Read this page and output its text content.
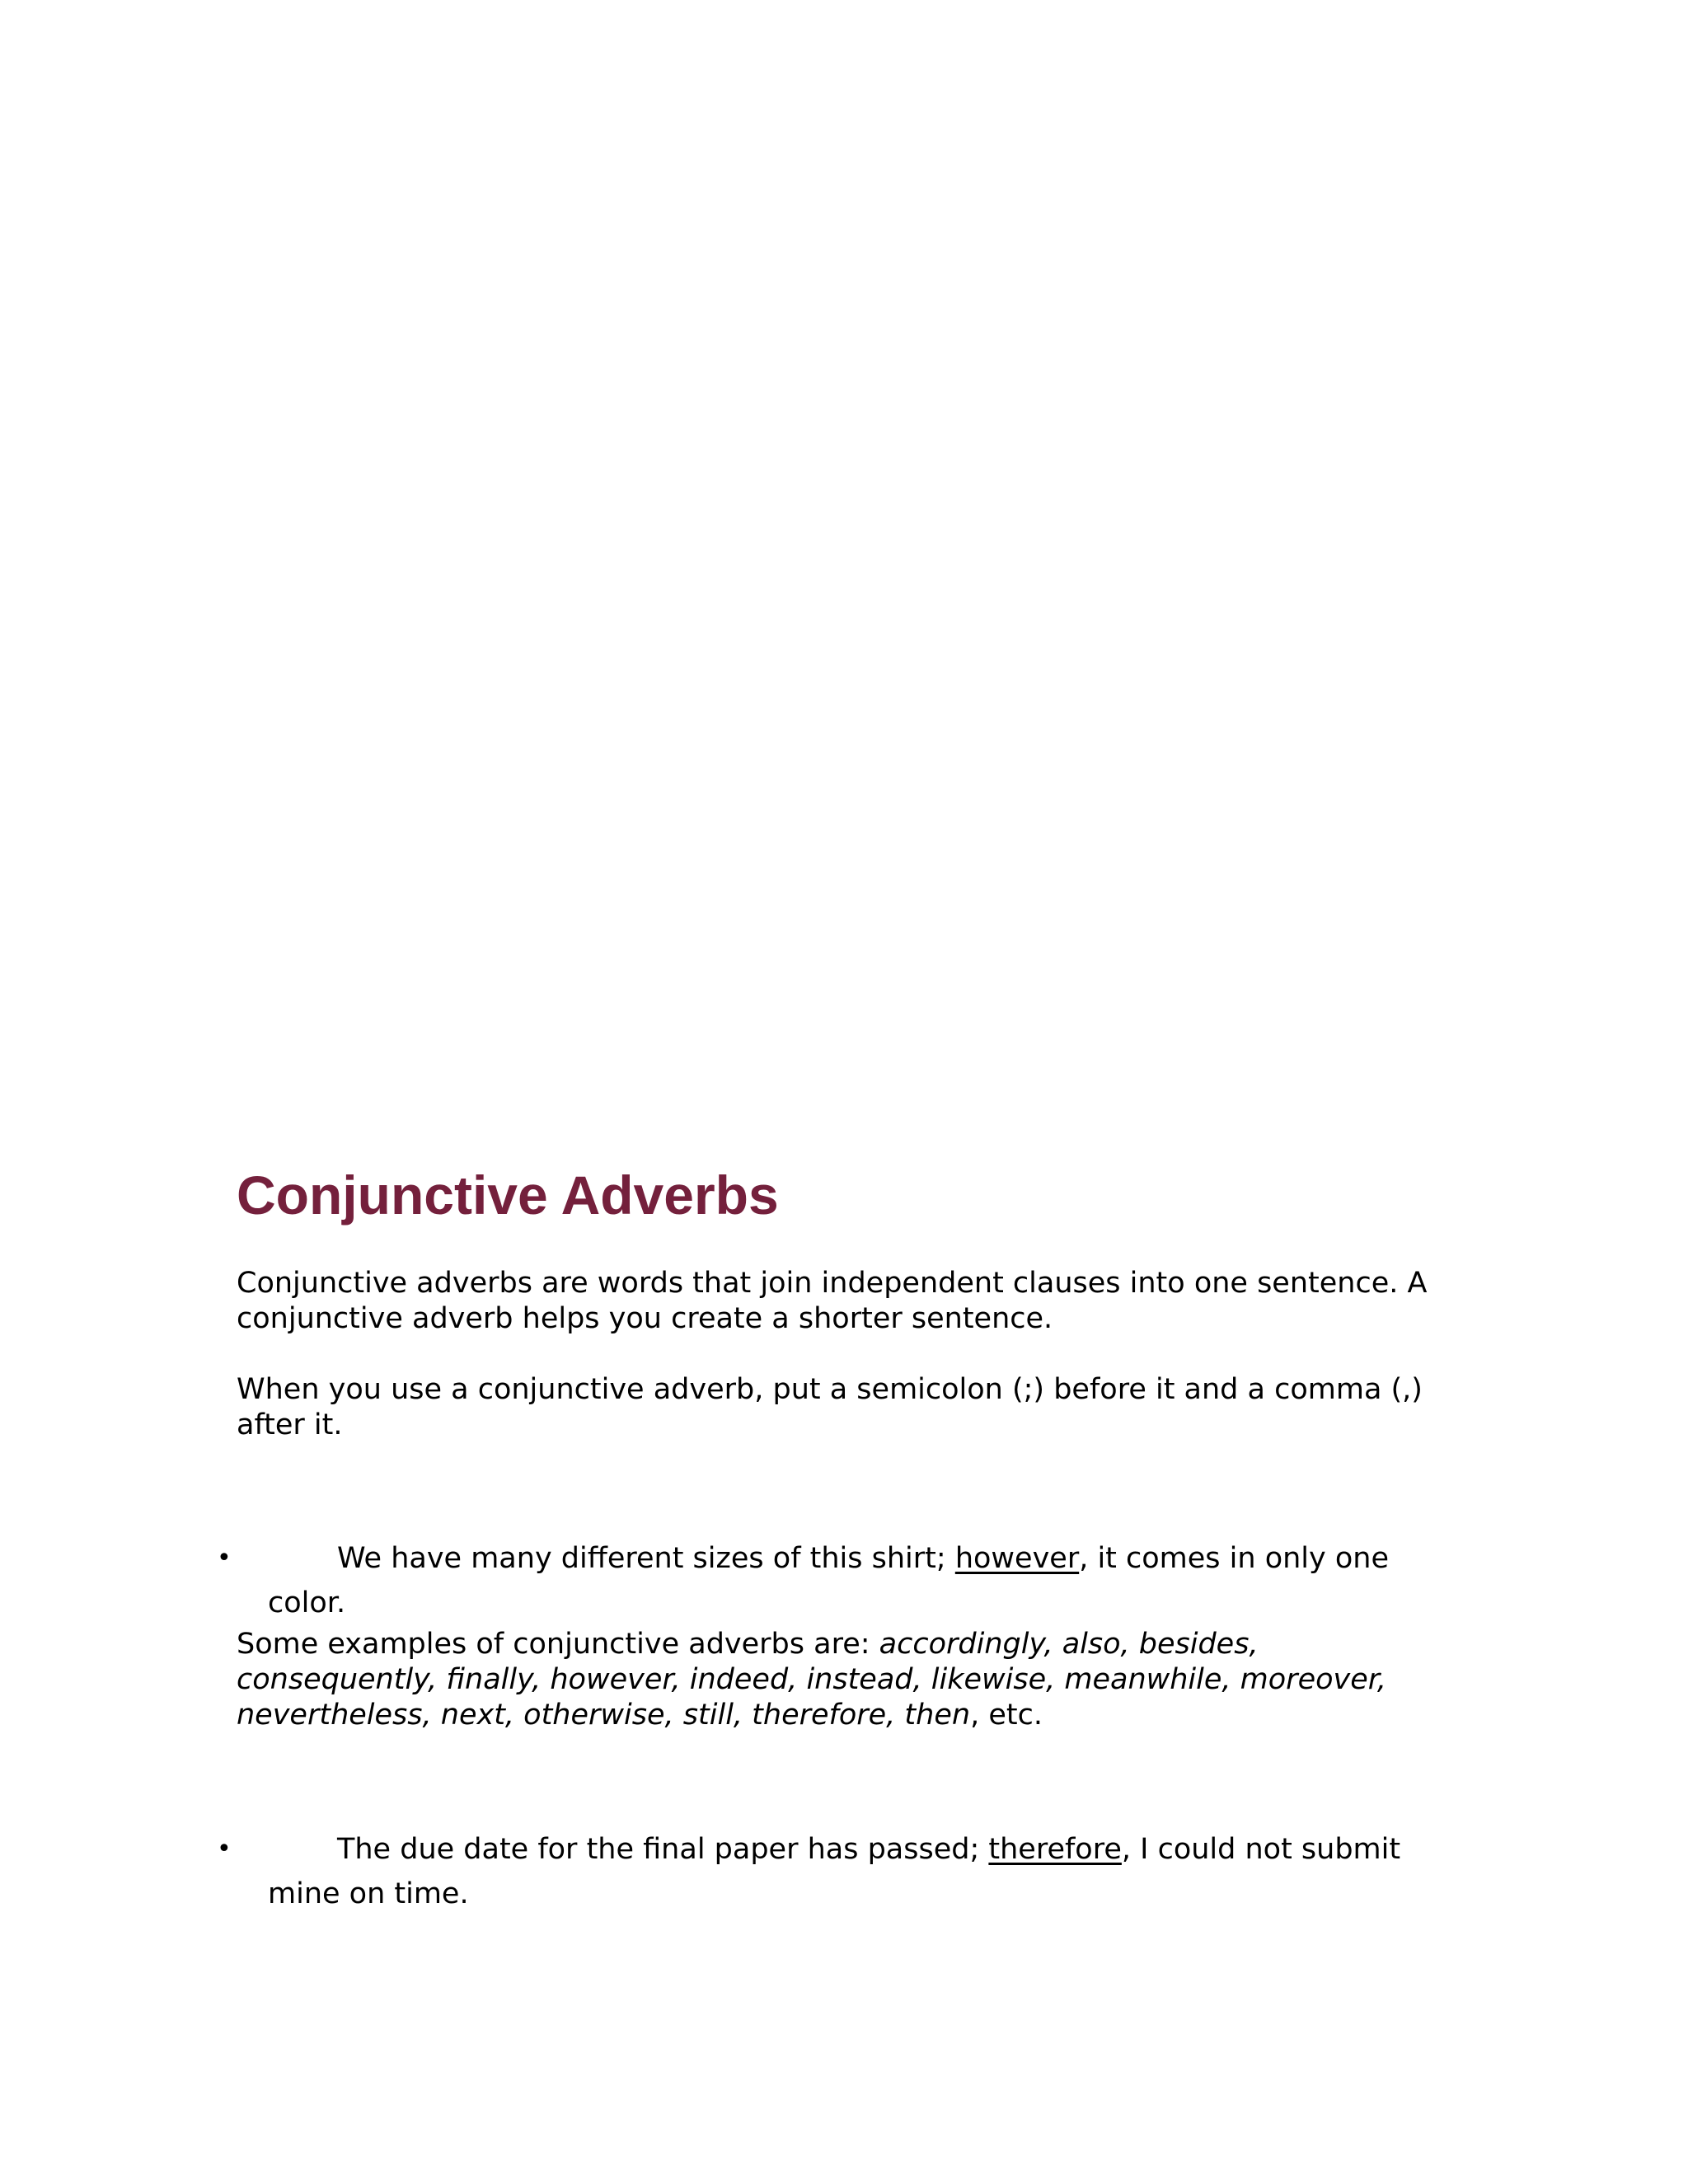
Conjunctive Adverbs

Conjunctive adverbs are words that join independent clauses into one sentence. A conjunctive adverb helps you create a shorter sentence.

When you use a conjunctive adverb, put a semicolon (;) before it and a comma (,) after it.

•	We have many different sizes of this shirt; however, it comes in only one color.

Some examples of conjunctive adverbs are: accordingly, also, besides, consequently, finally, however, indeed, instead, likewise, meanwhile, moreover, nevertheless, next, otherwise, still, therefore, then, etc.

•	The due date for the final paper has passed; therefore, I could not submit mine on time.
